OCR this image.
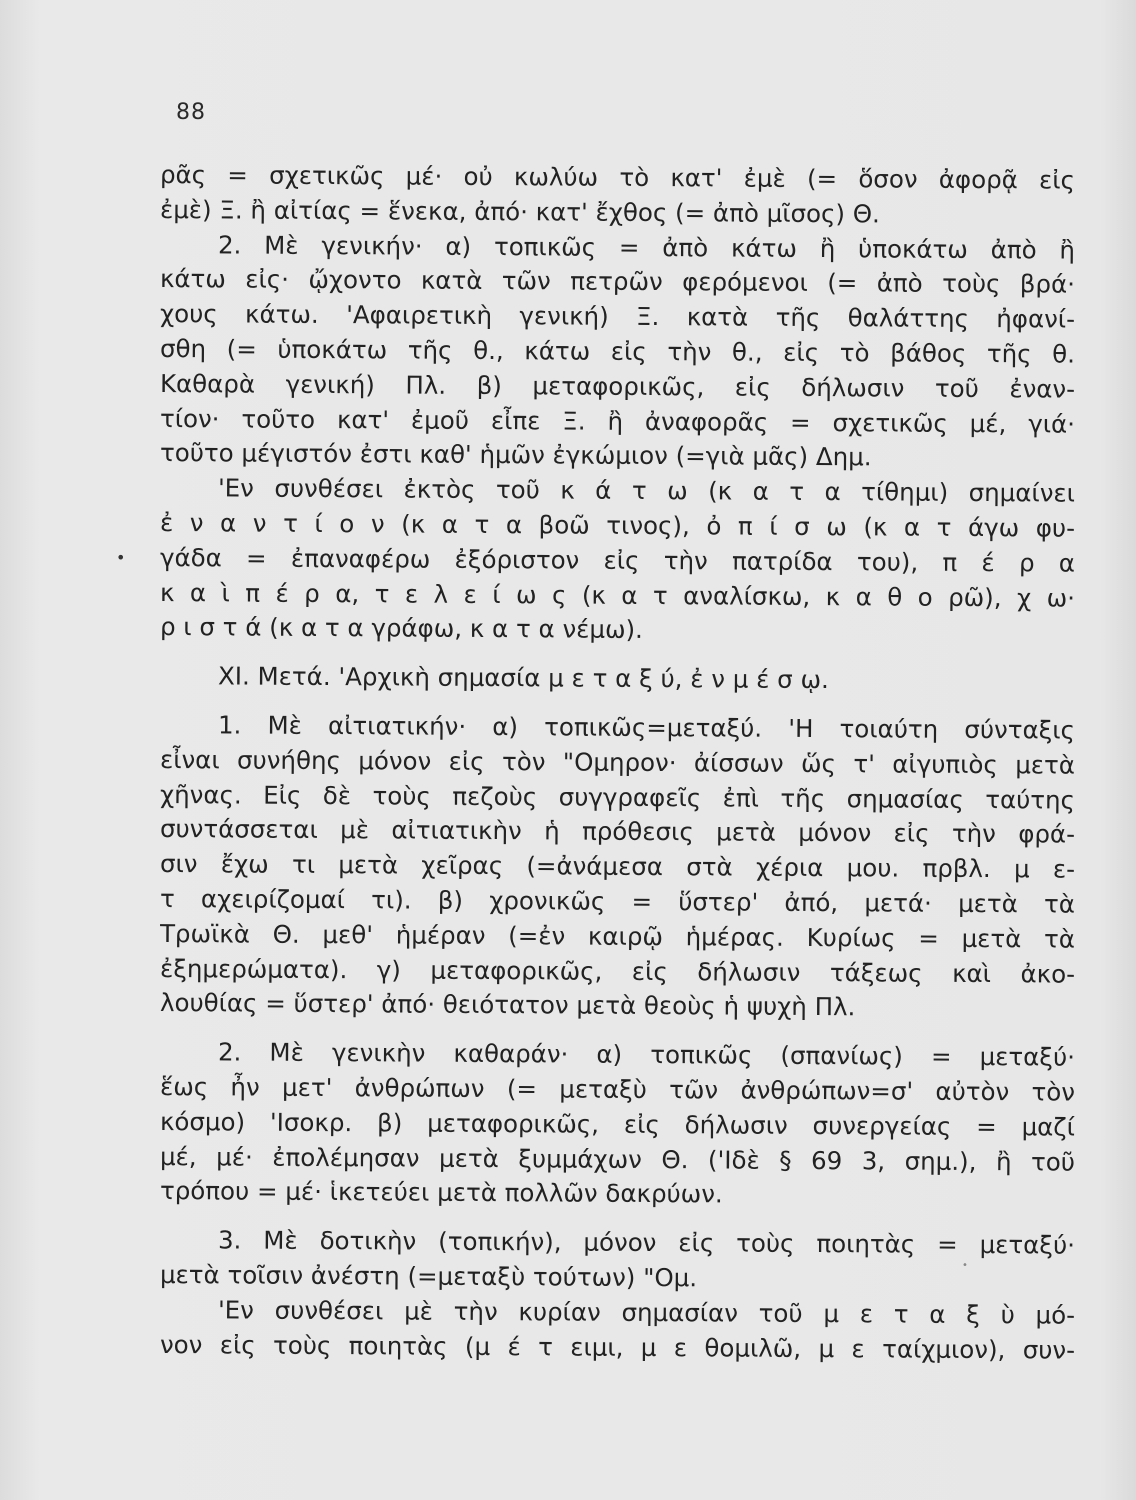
88
•
•
ρᾶς = σχετικῶς μέ· οὐ κωλύω τὸ κατ' ἐμὲ (= ὅσον ἀφορᾷ εἰς
ἐμὲ) Ξ. ἢ αἰτίας = ἕνεκα, ἀπό· κατ' ἔχθος (= ἀπὸ μῖσος) Θ.
2. Μὲ γενικήν· α) τοπικῶς = ἀπὸ κάτω ἢ ὑποκάτω ἀπὸ ἢ
κάτω εἰς· ᾤχοντο κατὰ τῶν πετρῶν φερόμενοι (= ἀπὸ τοὺς βρά·
χους κάτω. 'Αφαιρετικὴ γενική) Ξ. κατὰ τῆς θαλάττης ἠφανί-
σθη (= ὑποκάτω τῆς θ., κάτω εἰς τὴν θ., εἰς τὸ βάθος τῆς θ.
Καθαρὰ γενική) Πλ. β) μεταφορικῶς, εἰς δήλωσιν τοῦ ἐναν-
τίον· τοῦτο κατ' ἐμοῦ εἶπε Ξ. ἢ ἀναφορᾶς = σχετικῶς μέ, γιά·
τοῦτο μέγιστόν ἐστι καθ' ἡμῶν ἐγκώμιον (=γιὰ μᾶς) Δημ.
'Εν συνθέσει ἐκτὸς τοῦ κ ά τ ω (κ α τ α τίθημι) σημαίνει
ἐ ν α ν τ ί ο ν (κ α τ α βοῶ τινος), ὀ π ί σ ω (κ α τ άγω φυ-
γάδα = ἐπαναφέρω ἐξόριστον εἰς τὴν πατρίδα του), π έ ρ α
κ α ὶ π έ ρ α, τ ε λ ε ί ω ς (κ α τ αναλίσκω, κ α θ ο ρῶ), χ ω·
ρ ι σ τ ά (κ α τ α γράφω, κ α τ α νέμω).
XI. Μετά. 'Αρχικὴ σημασία μ ε τ α ξ ύ, ἐ ν μ έ σ ῳ.
1. Μὲ αἰτιατικήν· α) τοπικῶς=μεταξύ. 'Η τοιαύτη σύνταξις
εἶναι συνήθης μόνον εἰς τὸν "Ομηρον· ἀίσσων ὥς τ' αἰγυπιὸς μετὰ
χῆνας. Εἰς δὲ τοὺς πεζοὺς συγγραφεῖς ἐπὶ τῆς σημασίας ταύτης
συντάσσεται μὲ αἰτιατικὴν ἡ πρόθεσις μετὰ μόνον εἰς τὴν φρά-
σιν ἔχω τι μετὰ χεῖρας (=ἀνάμεσα στὰ χέρια μου. πρβλ. μ ε-
τ αχειρίζομαί τι). β) χρονικῶς = ὕστερ' ἀπό, μετά· μετὰ τὰ
Τρωϊκὰ Θ. μεθ' ἡμέραν (=ἐν καιρῷ ἡμέρας. Κυρίως = μετὰ τὰ
ἐξημερώματα). γ) μεταφορικῶς, εἰς δήλωσιν τάξεως καὶ ἀκο-
λουθίας = ὕστερ' ἀπό· θειότατον μετὰ θεοὺς ἡ ψυχὴ Πλ.
2. Μὲ γενικὴν καθαράν· α) τοπικῶς (σπανίως) = μεταξύ·
ἕως ἦν μετ' ἀνθρώπων (= μεταξὺ τῶν ἀνθρώπων=σ' αὐτὸν τὸν
κόσμο) 'Ισοκρ. β) μεταφορικῶς, εἰς δήλωσιν συνεργείας = μαζί
μέ, μέ· ἐπολέμησαν μετὰ ξυμμάχων Θ. ('Ιδὲ § 69 3, σημ.), ἢ τοῦ
τρόπου = μέ· ἱκετεύει μετὰ πολλῶν δακρύων.
3. Μὲ δοτικὴν (τοπικήν), μόνον εἰς τοὺς ποιητὰς = μεταξύ·
μετὰ τοῖσιν ἀνέστη (=μεταξὺ τούτων) "Ομ.
'Εν συνθέσει μὲ τὴν κυρίαν σημασίαν τοῦ μ ε τ α ξ ὺ μό-
νον εἰς τοὺς ποιητὰς (μ έ τ ειμι, μ ε θομιλῶ, μ ε ταίχμιον), συν-
